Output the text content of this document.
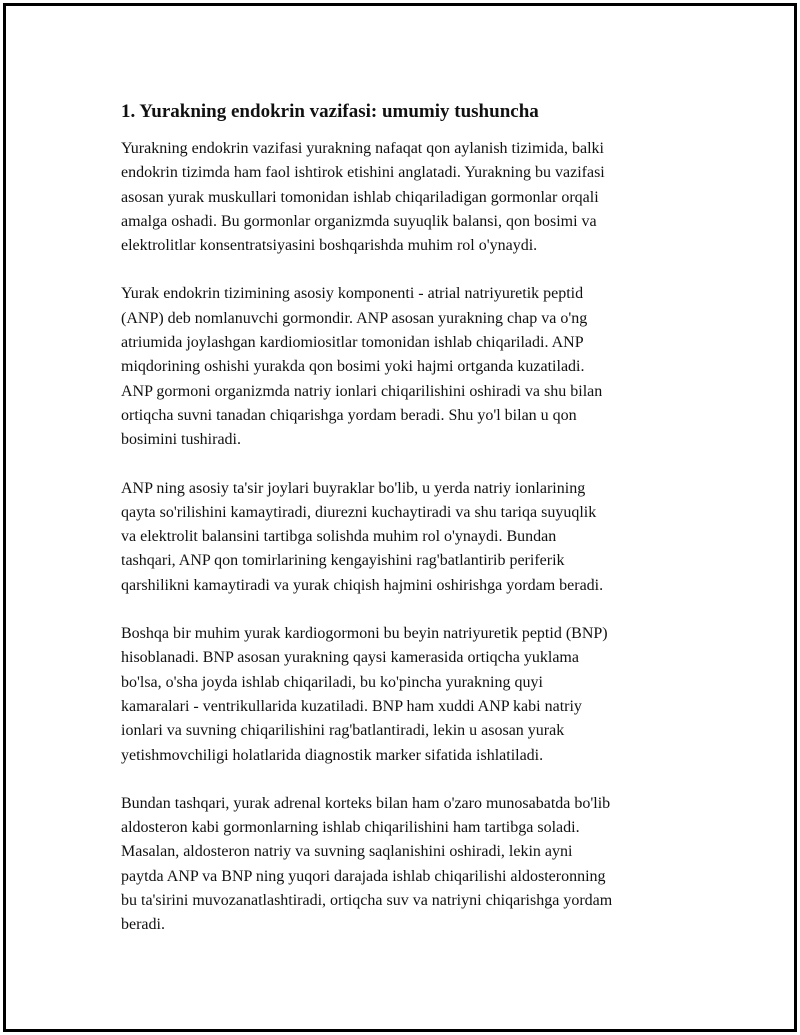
1. Yurakning endokrin vazifasi: umumiy tushuncha

Yurakning endokrin vazifasi yurakning nafaqat qon aylanish tizimida, balki
endokrin tizimda ham faol ishtirok etishini anglatadi. Yurakning bu vazifasi
asosan yurak muskullari tomonidan ishlab chiqariladigan gormonlar orqali
amalga oshadi. Bu gormonlar organizmda suyuqlik balansi, qon bosimi va
elektrolitlar konsentratsiyasini boshqarishda muhim rol o'ynaydi.

Yurak endokrin tizimining asosiy komponenti - atrial natriyuretik peptid
(ANP) deb nomlanuvchi gormondir. ANP asosan yurakning chap va o'ng
atriumida joylashgan kardiomiositlar tomonidan ishlab chiqariladi. ANP
miqdorining oshishi yurakda qon bosimi yoki hajmi ortganda kuzatiladi.
ANP gormoni organizmda natriy ionlari chiqarilishini oshiradi va shu bilan
ortiqcha suvni tanadan chiqarishga yordam beradi. Shu yo'l bilan u qon
bosimini tushiradi.

ANP ning asosiy ta'sir joylari buyraklar bo'lib, u yerda natriy ionlarining
qayta so'rilishini kamaytiradi, diurezni kuchaytiradi va shu tariqa suyuqlik
va elektrolit balansini tartibga solishda muhim rol o'ynaydi. Bundan
tashqari, ANP qon tomirlarining kengayishini rag'batlantirib periferik
qarshilikni kamaytiradi va yurak chiqish hajmini oshirishga yordam beradi.

Boshqa bir muhim yurak kardiogormoni bu beyin natriyuretik peptid (BNP)
hisoblanadi. BNP asosan yurakning qaysi kamerasida ortiqcha yuklama
bo'lsa, o'sha joyda ishlab chiqariladi, bu ko'pincha yurakning quyi
kamaralari - ventrikullarida kuzatiladi. BNP ham xuddi ANP kabi natriy
ionlari va suvning chiqarilishini rag'batlantiradi, lekin u asosan yurak
yetishmovchiligi holatlarida diagnostik marker sifatida ishlatiladi.

Bundan tashqari, yurak adrenal korteks bilan ham o'zaro munosabatda bo'lib
aldosteron kabi gormonlarning ishlab chiqarilishini ham tartibga soladi.
Masalan, aldosteron natriy va suvning saqlanishini oshiradi, lekin ayni
paytda ANP va BNP ning yuqori darajada ishlab chiqarilishi aldosteronning
bu ta'sirini muvozanatlashtiradi, ortiqcha suv va natriyni chiqarishga yordam
beradi.
